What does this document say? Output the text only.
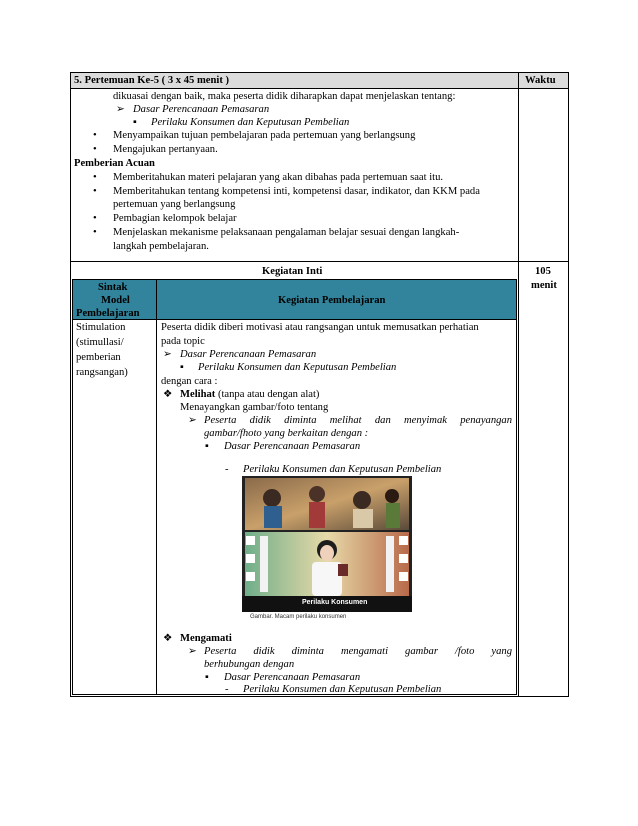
5. Pertemuan Ke-5 ( 3 x 45 menit )	Waktu
dikuasai dengan baik, maka peserta didik diharapkan dapat menjelaskan tentang:
➢ Dasar Perencanaan Pemasaran
▪ Perilaku Konsumen dan Keputusan Pembelian
• Menyampaikan tujuan pembelajaran pada pertemuan yang berlangsung
• Mengajukan pertanyaan.
Pemberian Acuan
• Memberitahukan materi pelajaran yang akan dibahas pada pertemuan saat itu.
• Memberitahukan tentang kompetensi inti, kompetensi dasar, indikator, dan KKM pada
pertemuan yang berlangsung
• Pembagian kelompok belajar
• Menjelaskan mekanisme pelaksanaan pengalaman belajar sesuai dengan langkah-
langkah pembelajaran.
Kegiatan Inti	105
menit
Sintak
Model
Pembelajaran
Kegiatan Pembelajaran
Stimulation
(stimullasi/
pemberian
rangsangan)
Peserta didik diberi motivasi atau rangsangan untuk memusatkan perhatian
pada topic
➢ Dasar Perencanaan Pemasaran
▪ Perilaku Konsumen dan Keputusan Pembelian
dengan cara :
❖ Melihat (tanpa atau dengan alat)
Menayangkan gambar/foto tentang
➢ Peserta didik diminta melihat dan menyimak penayangan
gambar/fhoto yang berkaitan dengan :
▪ Dasar Perencanaan Pemasaran
- Perilaku Konsumen dan Keputusan Pembelian
Perilaku Konsumen
Gambar. Macam perilaku konsumen
❖ Mengamati
➢ Peserta didik diminta mengamati gambar /foto yang
berhubungan dengan
▪ Dasar Perencanaan Pemasaran
- Perilaku Konsumen dan Keputusan Pembelian
